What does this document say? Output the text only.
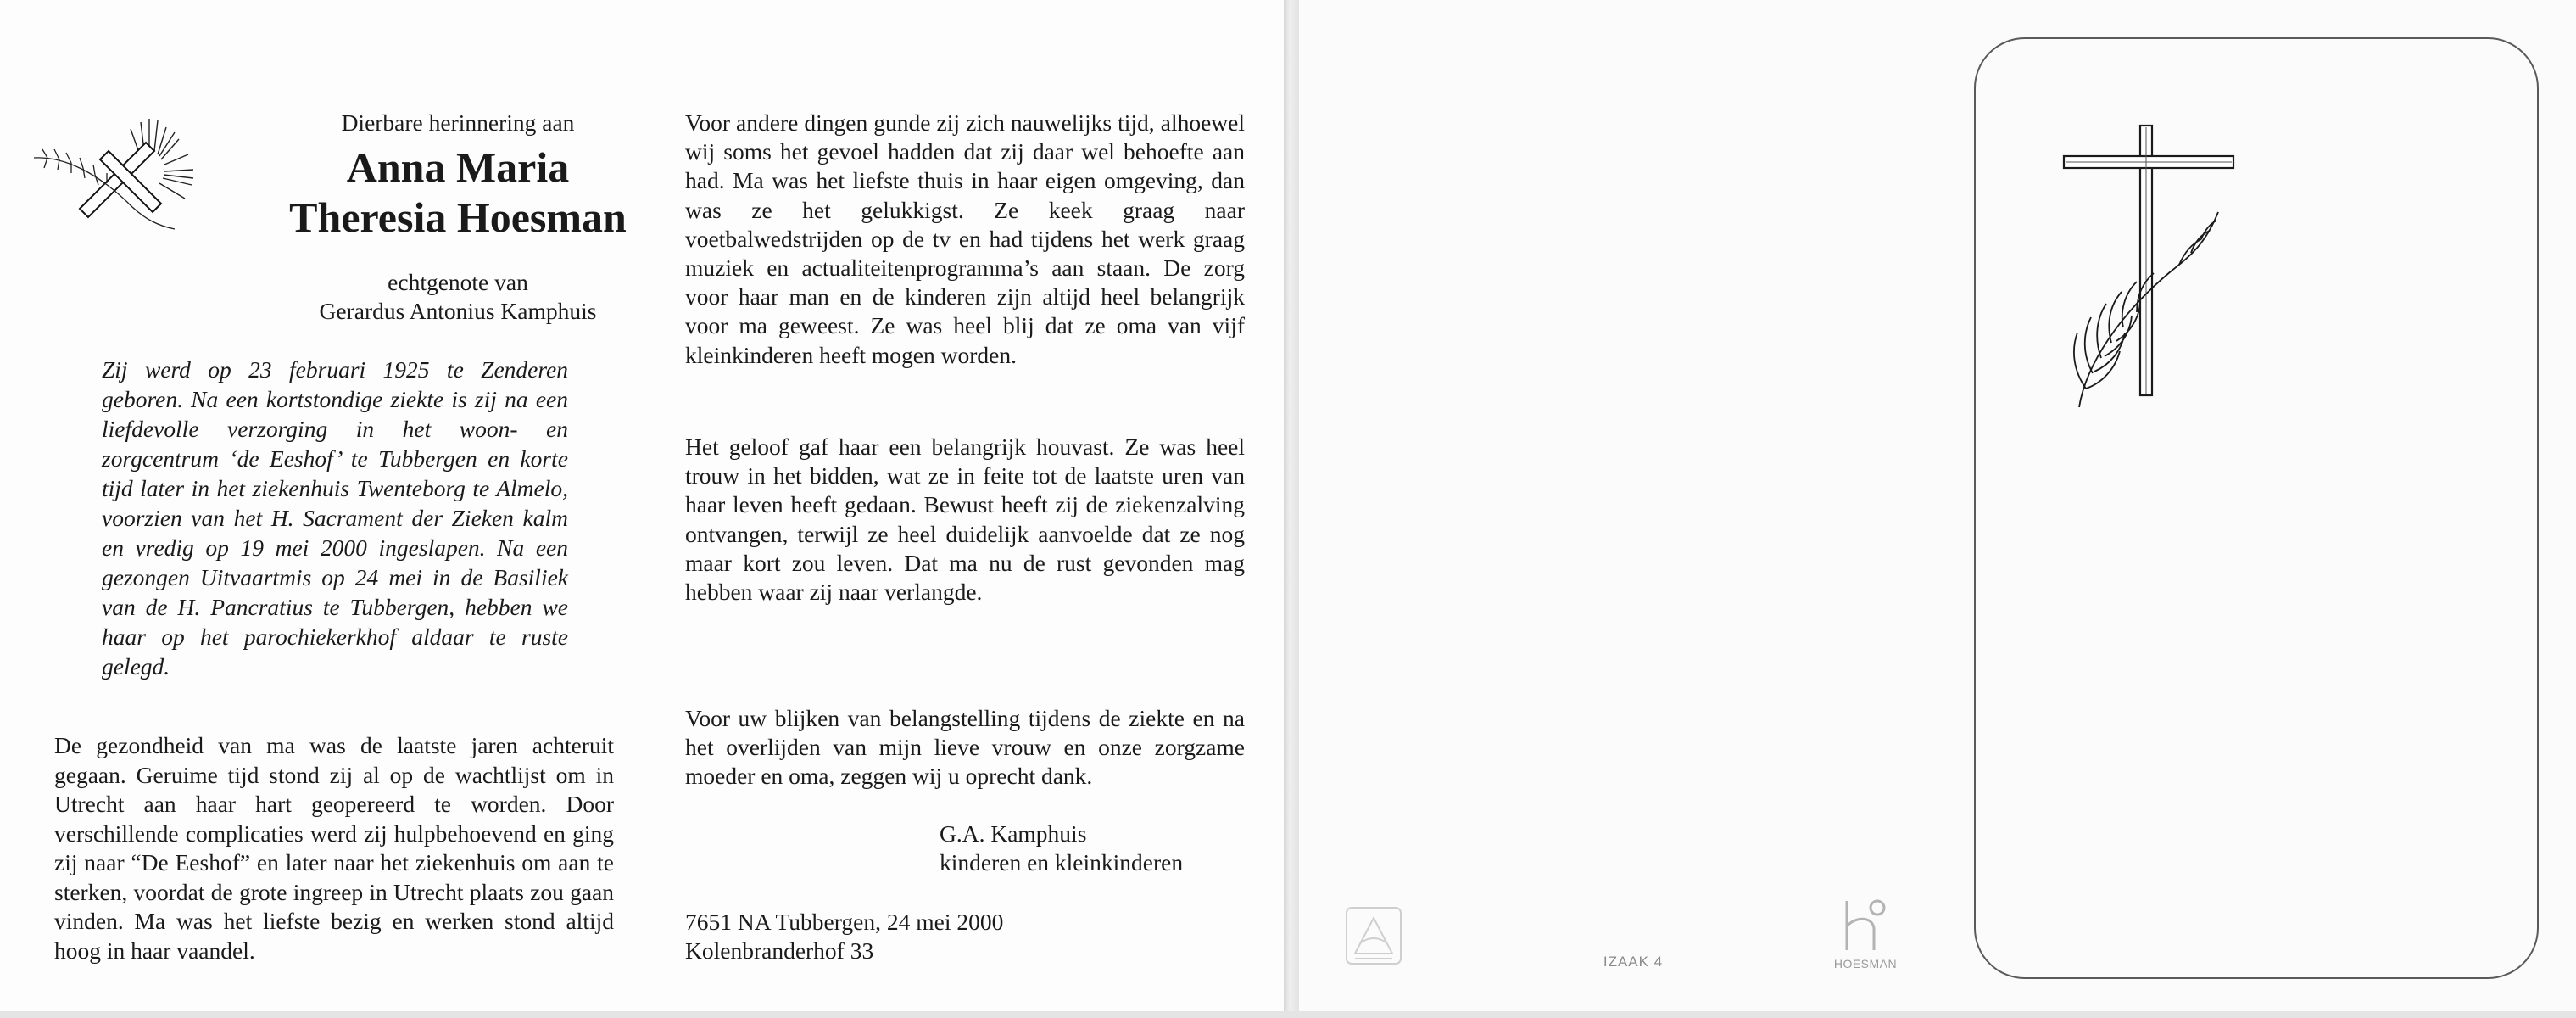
Dierbare herinnering aan
Anna Maria
Theresia Hoesman
echtgenote van
Gerardus Antonius Kamphuis
Zij werd op 23 februari 1925 te Zenderen geboren. Na een kortstondige ziekte is zij na een liefdevolle verzorging in het woon- en zorgcentrum ‘de Eeshof’ te Tubbergen en korte tijd later in het ziekenhuis Twenteborg te Almelo, voorzien van het H. Sacrament der Zieken kalm en vredig op 19 mei 2000 ingeslapen. Na een gezongen Uitvaartmis op 24 mei in de Basiliek van de H. Pancratius te Tubbergen, hebben we haar op het parochiekerkhof aldaar te ruste gelegd.
De gezondheid van ma was de laatste jaren achteruit gegaan. Geruime tijd stond zij al op de wachtlijst om in Utrecht aan haar hart geopereerd te worden. Door verschillende complicaties werd zij hulpbehoevend en ging zij naar “De Eeshof” en later naar het ziekenhuis om aan te sterken, voordat de grote ingreep in Utrecht plaats zou gaan vinden. Ma was het liefste bezig en werken stond altijd hoog in haar vaandel.
Voor andere dingen gunde zij zich nauwelijks tijd, alhoewel wij soms het gevoel hadden dat zij daar wel behoefte aan had. Ma was het liefste thuis in haar eigen omgeving, dan was ze het gelukkigst. Ze keek graag naar voetbalwedstrijden op de tv en had tijdens het werk graag muziek en actualiteitenprogramma’s aan staan. De zorg voor haar man en de kinderen zijn altijd heel belangrijk voor ma geweest. Ze was heel blij dat ze oma van vijf kleinkinderen heeft mogen worden.
Het geloof gaf haar een belangrijk houvast. Ze was heel trouw in het bidden, wat ze in feite tot de laatste uren van haar leven heeft gedaan. Bewust heeft zij de ziekenzalving ontvangen, terwijl ze heel duidelijk aanvoelde dat ze nog maar kort zou leven. Dat ma nu de rust gevonden mag hebben waar zij naar verlangde.
Voor uw blijken van belangstelling tijdens de ziekte en na het overlijden van mijn lieve vrouw en onze zorgzame moeder en oma, zeggen wij u oprecht dank.
G.A. Kamphuis
kinderen en kleinkinderen
7651 NA Tubbergen, 24 mei 2000
Kolenbranderhof 33	IZAAK 4	HOESMAN
